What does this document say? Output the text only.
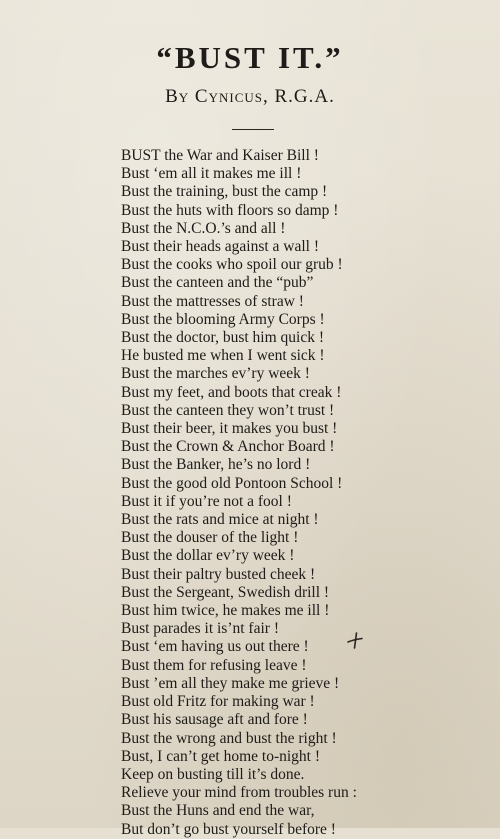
“BUST IT.”
By Cynicus, R.G.A.
BUST the War and Kaiser Bill !
Bust ‘em all it makes me ill !
Bust the training, bust the camp !
Bust the huts with floors so damp !
Bust the N.C.O.’s and all !
Bust their heads against a wall !
Bust the cooks who spoil our grub !
Bust the canteen and the “pub”
Bust the mattresses of straw !
Bust the blooming Army Corps !
Bust the doctor, bust him quick !
He busted me when I went sick !
Bust the marches ev’ry week !
Bust my feet, and boots that creak !
Bust the canteen they won’t trust !
Bust their beer, it makes you bust !
Bust the Crown & Anchor Board !
Bust the Banker, he’s no lord !
Bust the good old Pontoon School !
Bust it if you’re not a fool !
Bust the rats and mice at night !
Bust the douser of the light !
Bust the dollar ev’ry week !
Bust their paltry busted cheek !
Bust the Sergeant, Swedish drill !
Bust him twice, he makes me ill !
Bust parades it is’nt fair !
Bust ‘em having us out there !
Bust them for refusing leave !
Bust ’em all they make me grieve !
Bust old Fritz for making war !
Bust his sausage aft and fore !
Bust the wrong and bust the right !
Bust, I can’t get home to-night !
Keep on busting till it’s done.
Relieve your mind from troubles run :
Bust the Huns and end the war,
But don’t go bust yourself before !
